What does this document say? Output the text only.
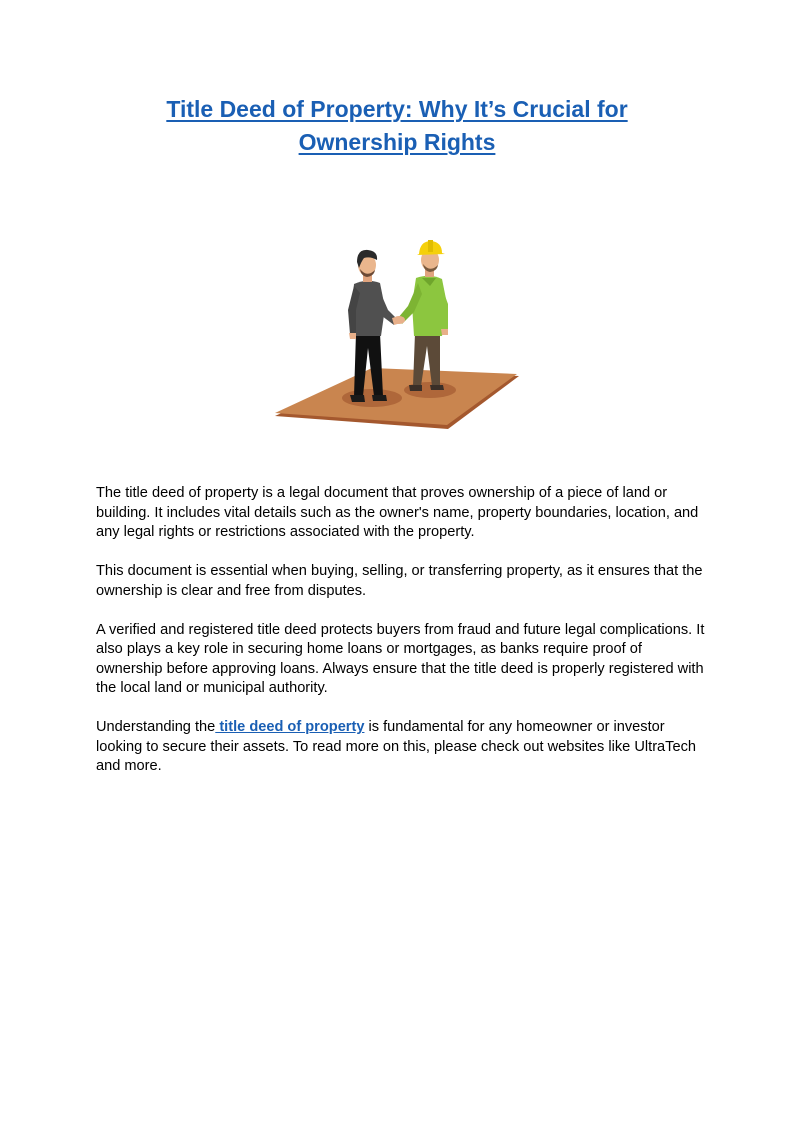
Title Deed of Property: Why It’s Crucial for
Ownership Rights

The title deed of property is a legal document that proves ownership of a piece of land or building. It includes vital details such as the owner's name, property boundaries, location, and any legal rights or restrictions associated with the property.

This document is essential when buying, selling, or transferring property, as it ensures that the ownership is clear and free from disputes.

A verified and registered title deed protects buyers from fraud and future legal complications. It also plays a key role in securing home loans or mortgages, as banks require proof of ownership before approving loans. Always ensure that the title deed is properly registered with the local land or municipal authority.

Understanding the title deed of property is fundamental for any homeowner or investor looking to secure their assets. To read more on this, please check out websites like UltraTech and more.
